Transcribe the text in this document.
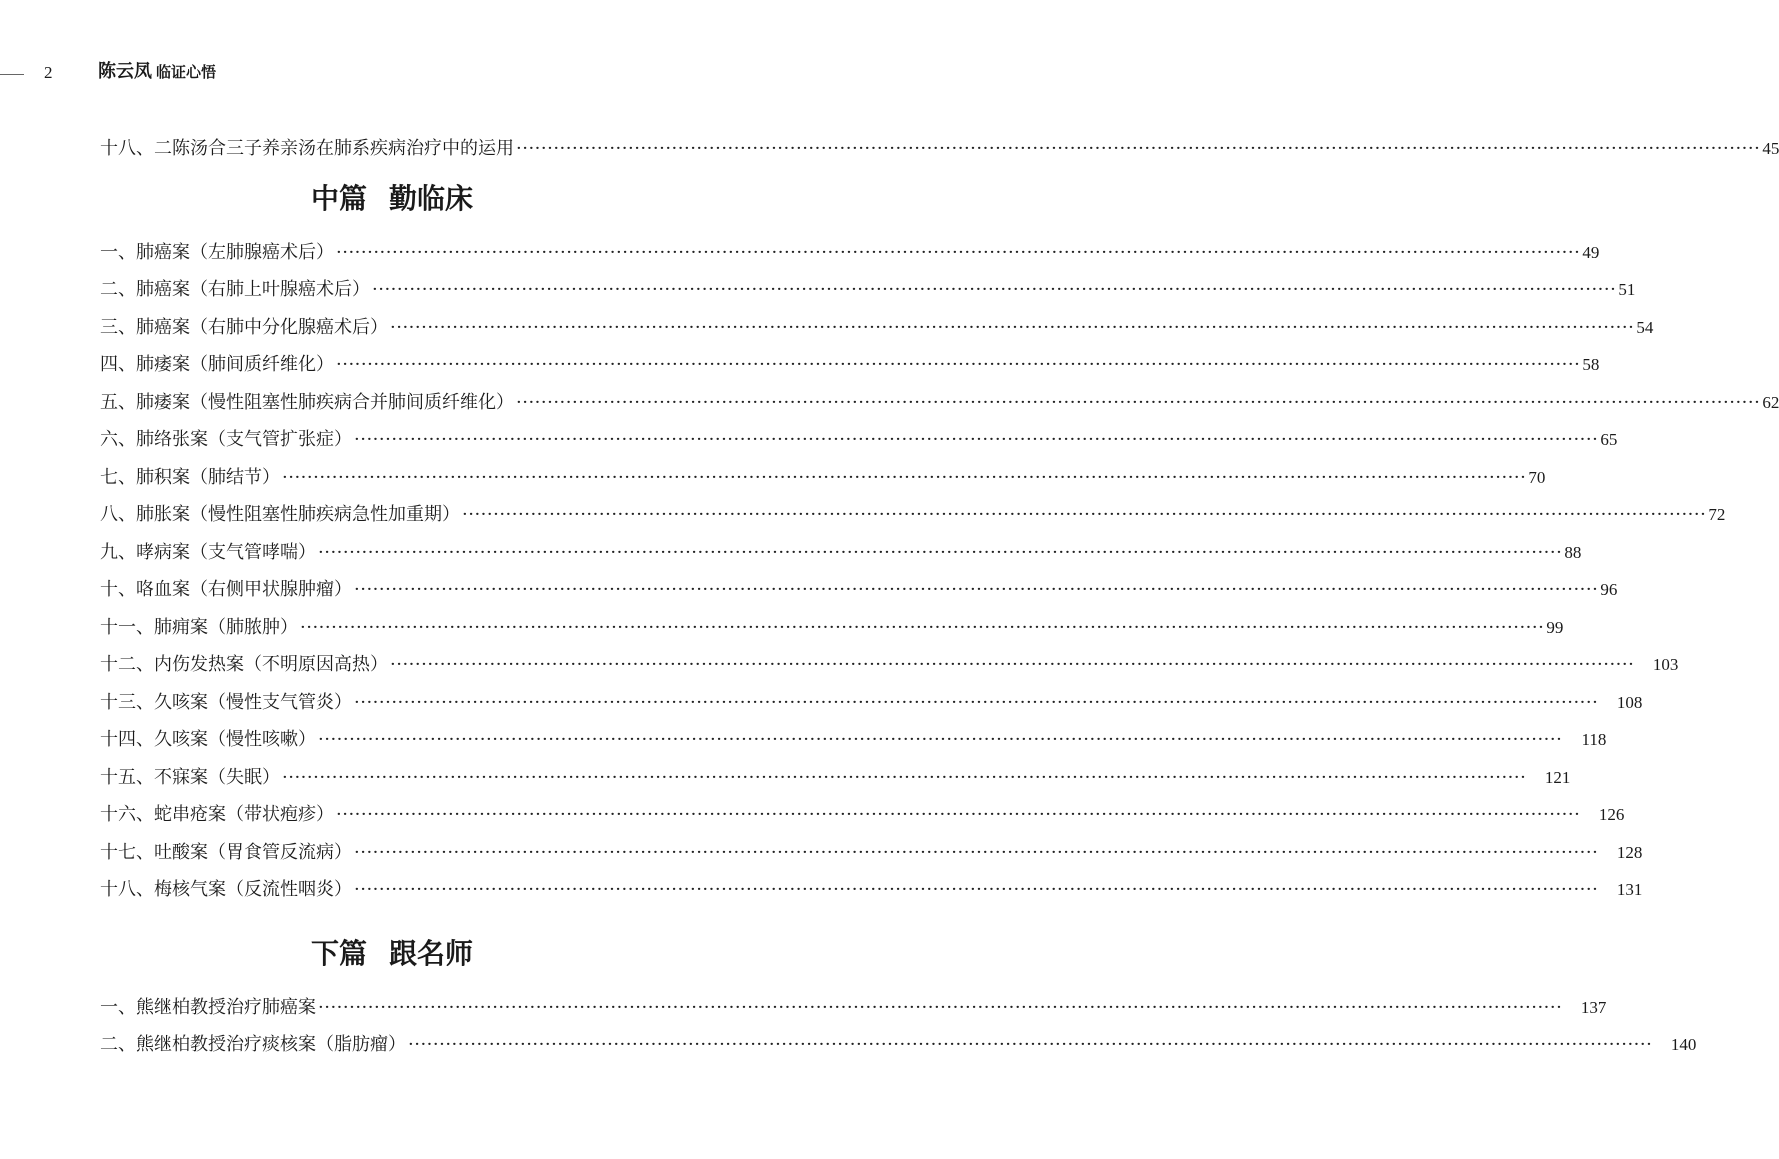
2	陈云凤 临证心悟
十八、二陈汤合三子养亲汤在肺系疾病治疗中的运用 ········································································································································································································ 45
中篇 勤临床
一、肺癌案（左肺腺癌术后） ········································································································································································································ 49
二、肺癌案（右肺上叶腺癌术后） ········································································································································································································ 51
三、肺癌案（右肺中分化腺癌术后） ········································································································································································································ 54
四、肺痿案（肺间质纤维化） ········································································································································································································ 58
五、肺痿案（慢性阻塞性肺疾病合并肺间质纤维化） ········································································································································································································ 62
六、肺络张案（支气管扩张症） ········································································································································································································ 65
七、肺积案（肺结节） ········································································································································································································ 70
八、肺胀案（慢性阻塞性肺疾病急性加重期） ········································································································································································································ 72
九、哮病案（支气管哮喘） ········································································································································································································ 88
十、咯血案（右侧甲状腺肿瘤） ········································································································································································································ 96
十一、肺痈案（肺脓肿） ········································································································································································································ 99
十二、内伤发热案（不明原因高热） ········································································································································································································	103
十三、久咳案（慢性支气管炎） ········································································································································································································	108
十四、久咳案（慢性咳嗽） ········································································································································································································	118
十五、不寐案（失眠） ········································································································································································································	121
十六、蛇串疮案（带状疱疹） ········································································································································································································	126
十七、吐酸案（胃食管反流病） ········································································································································································································	128
十八、梅核气案（反流性咽炎） ········································································································································································································	131
下篇 跟名师
一、熊继柏教授治疗肺癌案 ········································································································································································································	137
二、熊继柏教授治疗痰核案（脂肪瘤） ········································································································································································································	140
